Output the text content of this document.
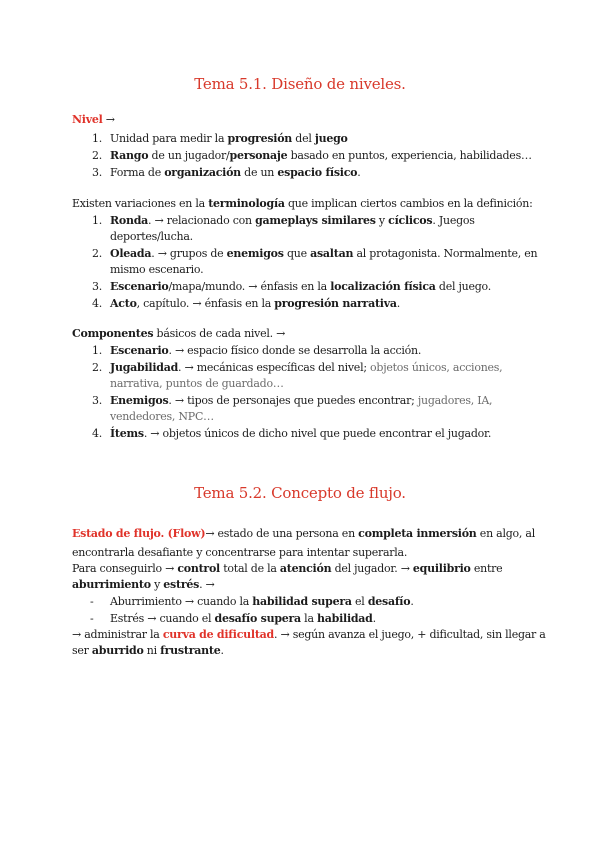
Tema 5.1. Diseño de niveles.
Nivel →
1. Unidad para medir la progresión del juego
2. Rango de un jugador/personaje basado en puntos, experiencia, habilidades…
3. Forma de organización de un espacio físico.
Existen variaciones en la terminología que implican ciertos cambios en la definición:
1. Ronda. → relacionado con gameplays similares y cíclicos. Juegos
deportes/lucha.
2. Oleada. → grupos de enemigos que asaltan al protagonista. Normalmente, en
mismo escenario.
3. Escenario/mapa/mundo. → énfasis en la localización física del juego.
4. Acto, capítulo. → énfasis en la progresión narrativa.
Componentes básicos de cada nivel. →
1. Escenario. → espacio físico donde se desarrolla la acción.
2. Jugabilidad. → mecánicas específicas del nivel; objetos únicos, acciones,
narrativa, puntos de guardado…
3. Enemigos. → tipos de personajes que puedes encontrar; jugadores, IA,
vendedores, NPC…
4. Ítems. → objetos únicos de dicho nivel que puede encontrar el jugador.
Tema 5.2. Concepto de flujo.
Estado de flujo. (Flow)→ estado de una persona en completa inmersión en algo, al
encontrarla desafiante y concentrarse para intentar superarla.
Para conseguirlo → control total de la atención del jugador. → equilibrio entre
aburrimiento y estrés. →
- Aburrimiento → cuando la habilidad supera el desafío.
- Estrés → cuando el desafío supera la habilidad.
→ administrar la curva de dificultad. → según avanza el juego, + dificultad, sin llegar a
ser aburrido ni frustrante.
